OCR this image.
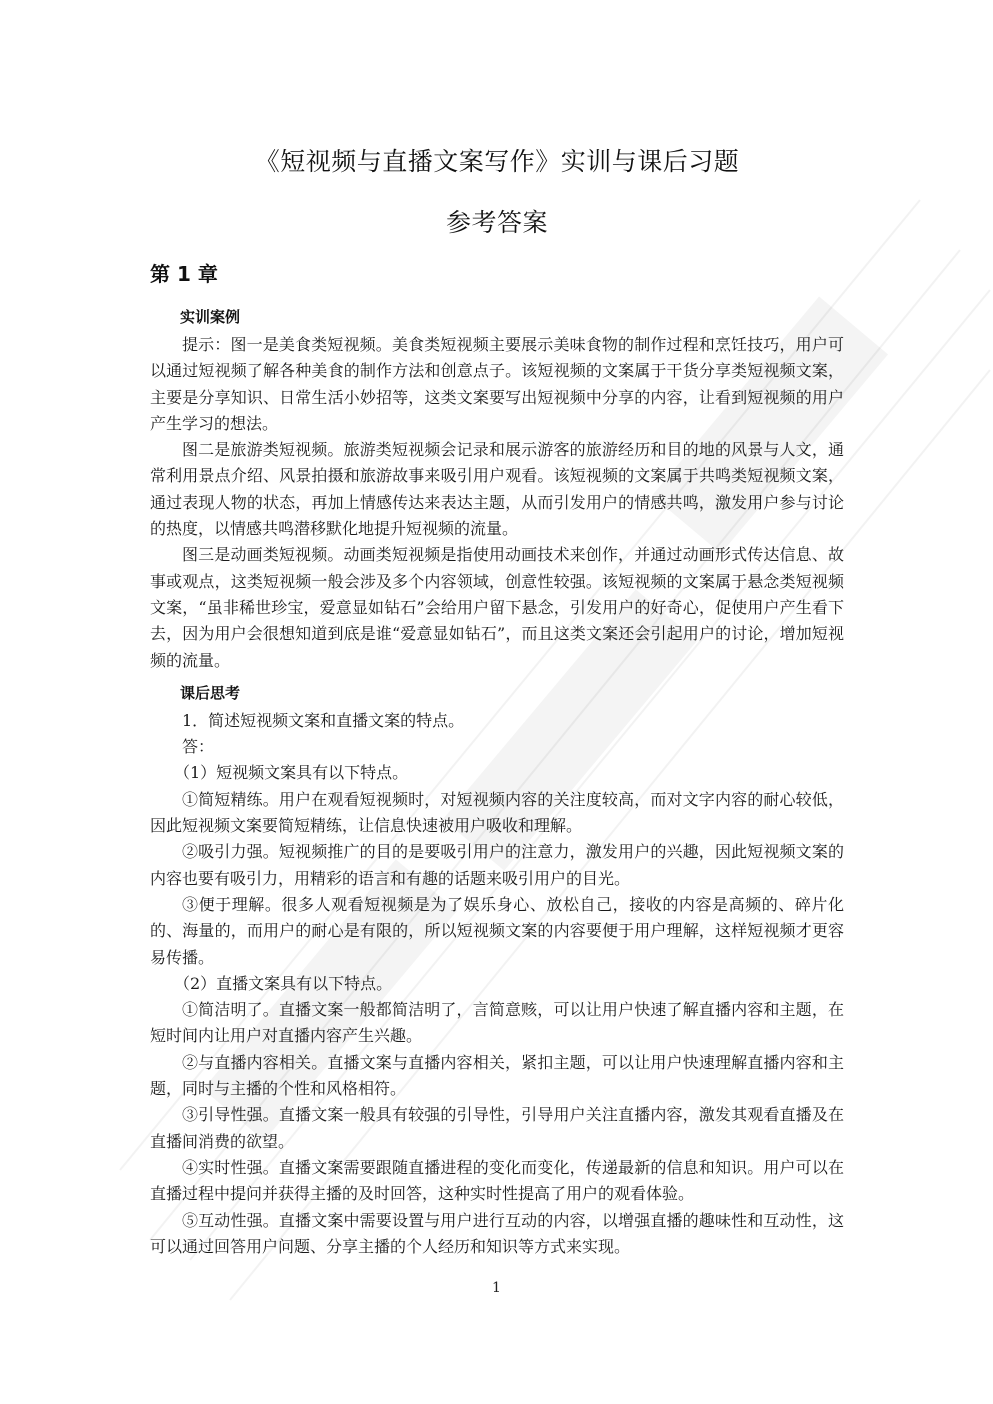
《短视频与直播文案写作》实训与课后习题
参考答案
第 1 章
实训案例

提示：图一是美食类短视频。美食类短视频主要展示美味食物的制作过程和烹饪技巧，用户可以通过短视频了解各种美食的制作方法和创意点子。该短视频的文案属于干货分享类短视频文案，主要是分享知识、日常生活小妙招等，这类文案要写出短视频中分享的内容，让看到短视频的用户产生学习的想法。

图二是旅游类短视频。旅游类短视频会记录和展示游客的旅游经历和目的地的风景与人文，通常利用景点介绍、风景拍摄和旅游故事来吸引用户观看。该短视频的文案属于共鸣类短视频文案，通过表现人物的状态，再加上情感传达来表达主题，从而引发用户的情感共鸣，激发用户参与讨论的热度，以情感共鸣潜移默化地提升短视频的流量。

图三是动画类短视频。动画类短视频是指使用动画技术来创作，并通过动画形式传达信息、故事或观点，这类短视频一般会涉及多个内容领域，创意性较强。该短视频的文案属于悬念类短视频文案，“虽非稀世珍宝，爱意显如钻石”会给用户留下悬念，引发用户的好奇心，促使用户产生看下去，因为用户会很想知道到底是谁“爱意显如钻石”，而且这类文案还会引起用户的讨论，增加短视频的流量。

课后思考

1．简述短视频文案和直播文案的特点。

答：

（1）短视频文案具有以下特点。

①简短精练。用户在观看短视频时，对短视频内容的关注度较高，而对文字内容的耐心较低，因此短视频文案要简短精练，让信息快速被用户吸收和理解。

②吸引力强。短视频推广的目的是要吸引用户的注意力，激发用户的兴趣，因此短视频文案的内容也要有吸引力，用精彩的语言和有趣的话题来吸引用户的目光。

③便于理解。很多人观看短视频是为了娱乐身心、放松自己，接收的内容是高频的、碎片化的、海量的，而用户的耐心是有限的，所以短视频文案的内容要便于用户理解，这样短视频才更容易传播。

（2）直播文案具有以下特点。

①简洁明了。直播文案一般都简洁明了，言简意赅，可以让用户快速了解直播内容和主题，在短时间内让用户对直播内容产生兴趣。

②与直播内容相关。直播文案与直播内容相关，紧扣主题，可以让用户快速理解直播内容和主题，同时与主播的个性和风格相符。

③引导性强。直播文案一般具有较强的引导性，引导用户关注直播内容，激发其观看直播及在直播间消费的欲望。

④实时性强。直播文案需要跟随直播进程的变化而变化，传递最新的信息和知识。用户可以在直播过程中提问并获得主播的及时回答，这种实时性提高了用户的观看体验。

⑤互动性强。直播文案中需要设置与用户进行互动的内容，以增强直播的趣味性和互动性，这可以通过回答用户问题、分享主播的个人经历和知识等方式来实现。

1
